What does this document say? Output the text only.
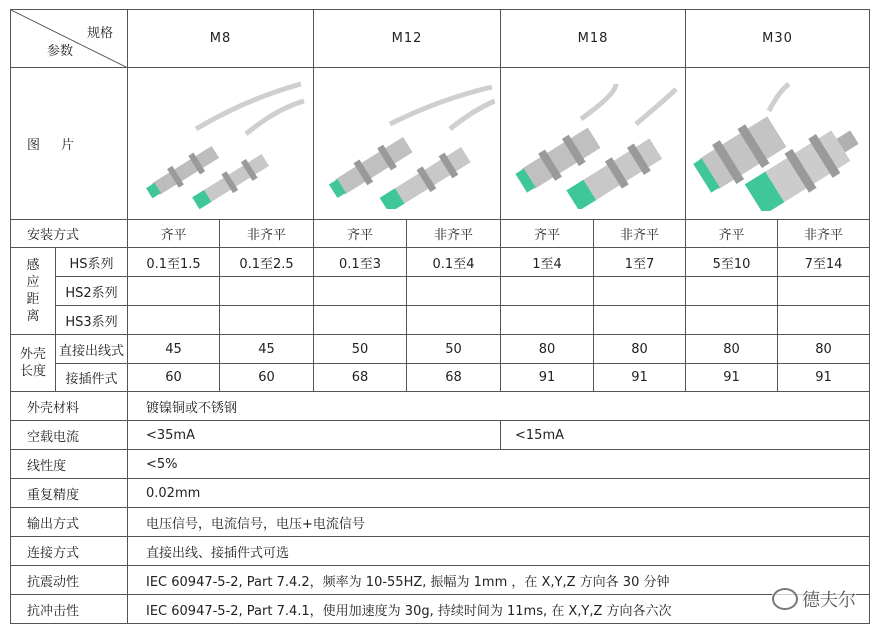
规格
参数		M8		M12		M18		M30	
图　片	

安装方式		齐平	非齐平	齐平	非齐平	齐平	非齐平	齐平	非齐平

感
应
距
离	HS系列	0.1至1.5	0.1至2.5	0.1至3	0.1至4	1至4	1至7	5至10	7至14
	HS2系列								
	HS3系列								

外壳
长度	直接出线式	45	45	50	50	80	80	80	80
	接插件式	60	60	68	68	91	91	91	91
外壳材料		镀镍铜或不锈钢							
空载电流		<35mA				<15mA			
线性度		<5%							
重复精度		0.02mm							
输出方式		电压信号，电流信号，电压+电流信号							
连接方式		直接出线、接插件式可选							
抗震动性		IEC 60947-5-2, Part 7.4.2，频率为 10-55HZ, 振幅为 1mm ，在 X,Y,Z 方向各 30 分钟							
抗冲击性		IEC 60947-5-2, Part 7.4.1，使用加速度为 30g, 持续时间为 11ms, 在 X,Y,Z 方向各六次								德夫尔
